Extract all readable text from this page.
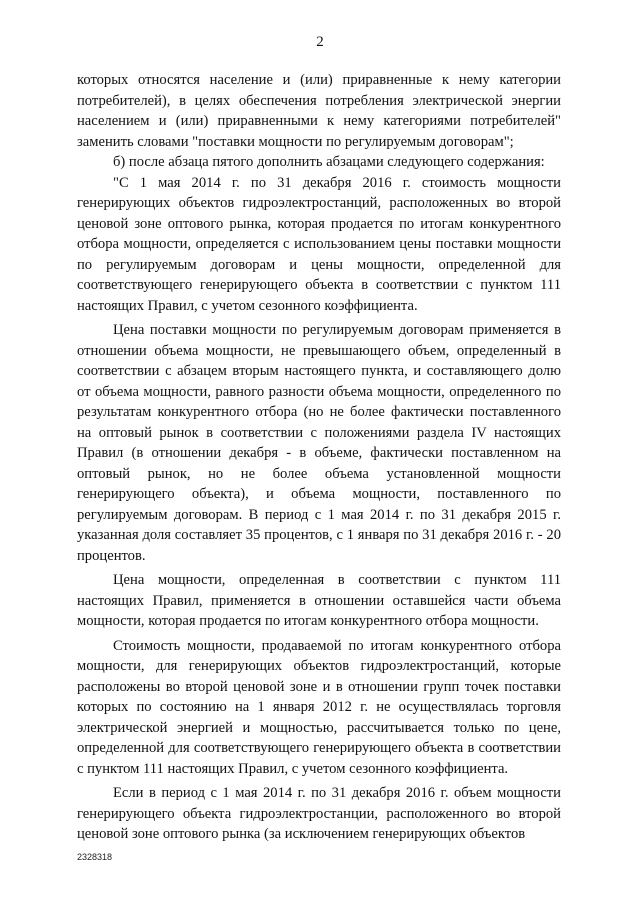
2

которых относятся население и (или) приравненные к нему категории потребителей), в целях обеспечения потребления электрической энергии населением и (или) приравненными к нему категориями потребителей" заменить словами "поставки мощности по регулируемым договорам";

б) после абзаца пятого дополнить абзацами следующего содержания:

"С 1 мая 2014 г. по 31 декабря 2016 г. стоимость мощности генерирующих объектов гидроэлектростанций, расположенных во второй ценовой зоне оптового рынка, которая продается по итогам конкурентного отбора мощности, определяется с использованием цены поставки мощности по регулируемым договорам и цены мощности, определенной для соответствующего генерирующего объекта в соответствии с пунктом 111 настоящих Правил, с учетом сезонного коэффициента.

Цена поставки мощности по регулируемым договорам применяется в отношении объема мощности, не превышающего объем, определенный в соответствии с абзацем вторым настоящего пункта, и составляющего долю от объема мощности, равного разности объема мощности, определенного по результатам конкурентного отбора (но не более фактически поставленного на оптовый рынок в соответствии с положениями раздела IV настоящих Правил (в отношении декабря - в объеме, фактически поставленном на оптовый рынок, но не более объема установленной мощности генерирующего объекта), и объема мощности, поставленного по регулируемым договорам. В период с 1 мая 2014 г. по 31 декабря 2015 г. указанная доля составляет 35 процентов, с 1 января по 31 декабря 2016 г. - 20 процентов.

Цена мощности, определенная в соответствии с пунктом 111 настоящих Правил, применяется в отношении оставшейся части объема мощности, которая продается по итогам конкурентного отбора мощности.

Стоимость мощности, продаваемой по итогам конкурентного отбора мощности, для генерирующих объектов гидроэлектростанций, которые расположены во второй ценовой зоне и в отношении групп точек поставки которых по состоянию на 1 января 2012 г. не осуществлялась торговля электрической энергией и мощностью, рассчитывается только по цене, определенной для соответствующего генерирующего объекта в соответствии с пунктом 111 настоящих Правил, с учетом сезонного коэффициента.

Если в период с 1 мая 2014 г. по 31 декабря 2016 г. объем мощности генерирующего объекта гидроэлектростанции, расположенного во второй ценовой зоне оптового рынка (за исключением генерирующих объектов

2328318
